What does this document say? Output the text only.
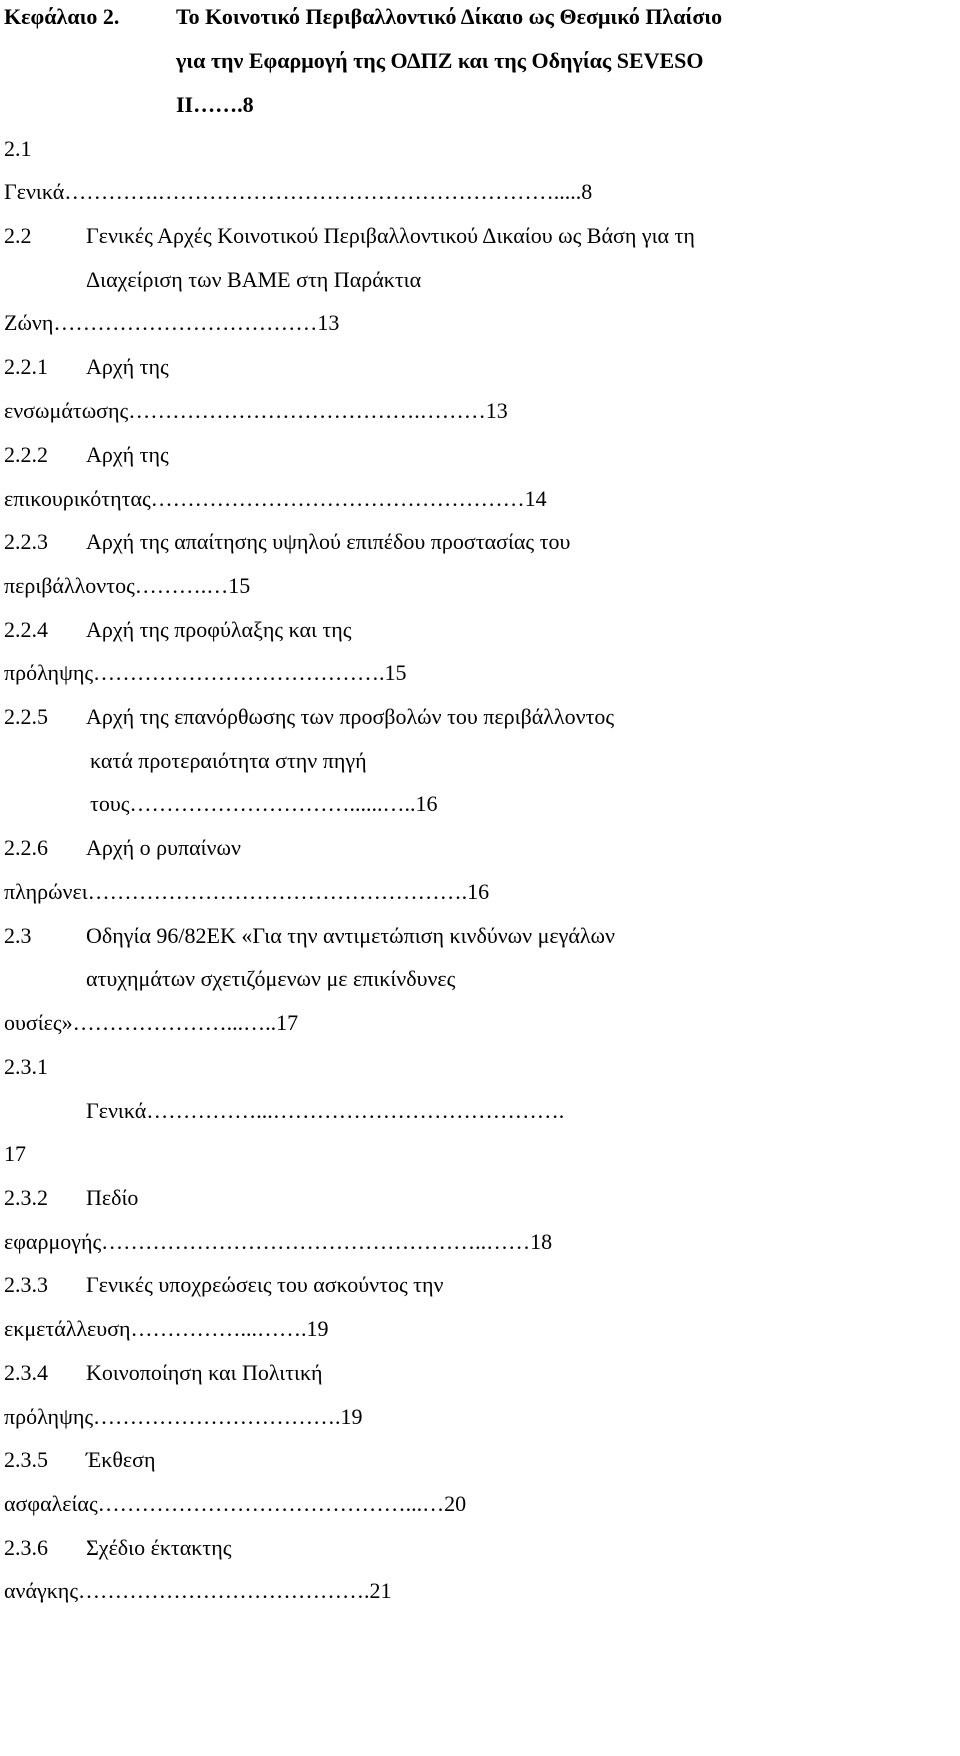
Κεφάλαιο 2.	Το Κοινοτικό Περιβαλλοντικό Δίκαιο ως Θεσμικό Πλαίσιο
για την Εφαρμογή της ΟΔΠΖ και της Οδηγίας SEVESO
ΙΙ…….8
2.1
Γενικά………….……………………………………………….....8
2.2 Γενικές Αρχές Κοινοτικού Περιβαλλοντικού Δικαίου ως Βάση για τη
Διαχείριση των ΒΑΜΕ στη Παράκτια
Ζώνη………………………………13
2.2.1 Αρχή της
ενσωμάτωσης………………………………….………13
2.2.2 Αρχή της
επικουρικότητας……………………………………………14
2.2.3 Αρχή της απαίτησης υψηλού επιπέδου προστασίας του
περιβάλλοντος……….…15
2.2.4 Αρχή της προφύλαξης και της
πρόληψης………………………………….15
2.2.5 Αρχή της επανόρθωσης των προσβολών του περιβάλλοντος
κατά προτεραιότητα στην πηγή
τους…………………………......…..16
2.2.6 Αρχή ο ρυπαίνων
πληρώνει…………………………………………….16
2.3 Οδηγία 96/82ΕΚ «Για την αντιμετώπιση κινδύνων μεγάλων
ατυχημάτων σχετιζόμενων με επικίνδυνες
ουσίες»…………………...…..17
2.3.1
Γενικά……………...………………………………….
17
2.3.2 Πεδίο
εφαρμογής……………………………………………..……18
2.3.3 Γενικές υποχρεώσεις του ασκούντος την
εκμετάλλευση……………...…….19
2.3.4 Κοινοποίηση και Πολιτική
πρόληψης…………………………….19
2.3.5 Έκθεση
ασφαλείας……………………………………...…20
2.3.6 Σχέδιο έκτακτης
ανάγκης………………………………….21
